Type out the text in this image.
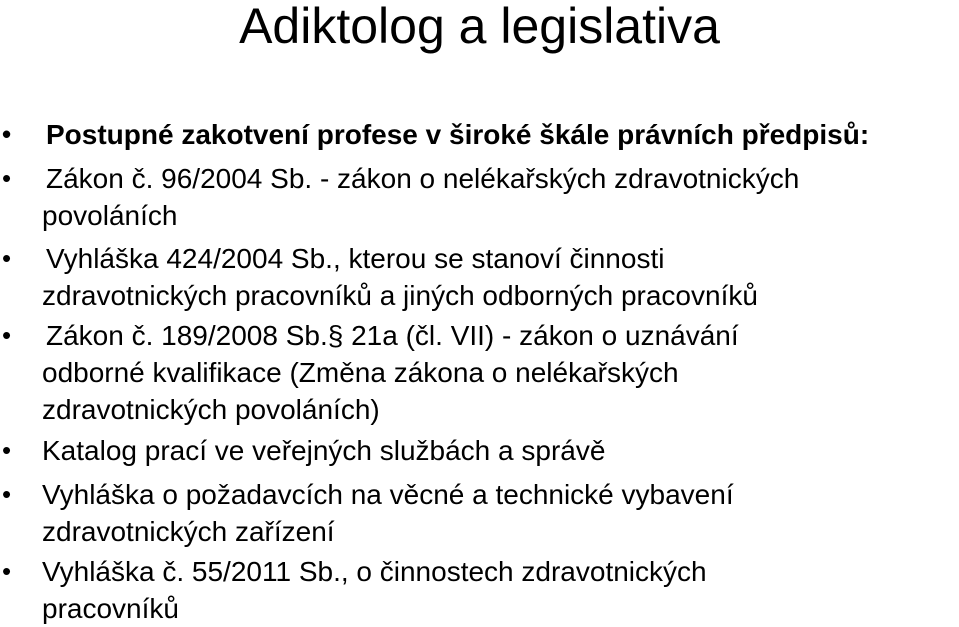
Adiktolog a legislativa
•	Postupné zakotvení profese v široké škále právních předpisů:
•	Zákon č. 96/2004 Sb. - zákon o nelékařských zdravotnických
povoláních
•	Vyhláška 424/2004 Sb., kterou se stanoví činnosti
zdravotnických pracovníků a jiných odborných pracovníků
•	Zákon č. 189/2008 Sb.§ 21a (čl. VII) - zákon o uznávání
odborné kvalifikace (Změna zákona o nelékařských
zdravotnických povoláních)
•	Katalog prací ve veřejných službách a správě
•	Vyhláška o požadavcích na věcné a technické vybavení
zdravotnických zařízení
•	Vyhláška č. 55/2011 Sb., o činnostech zdravotnických
pracovníků
